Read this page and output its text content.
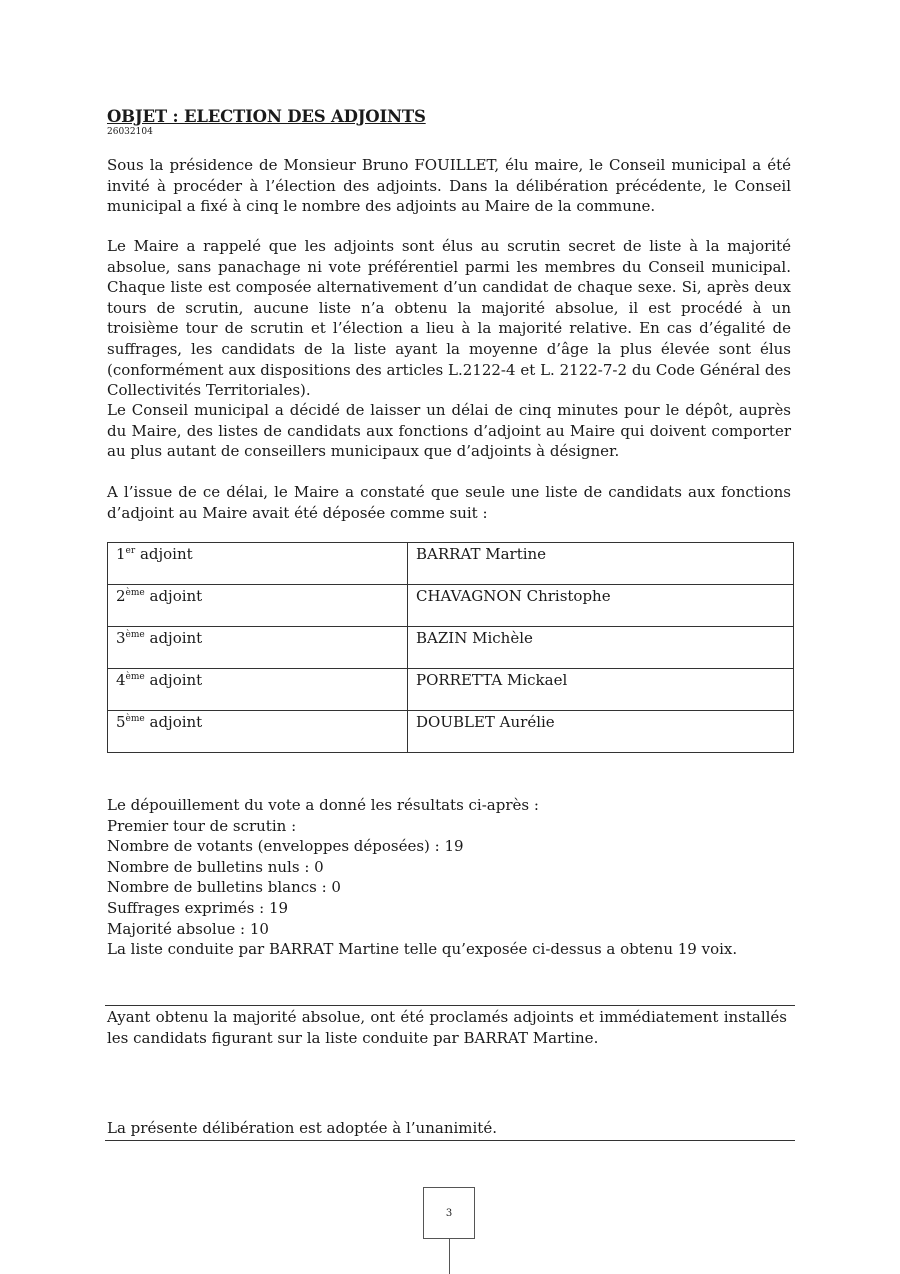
OBJET : ELECTION DES ADJOINTS
26032104

Sous la présidence de Monsieur Bruno FOUILLET, élu maire, le Conseil municipal a été invité à procéder à l’élection des adjoints. Dans la délibération précédente, le Conseil municipal a fixé à cinq le nombre des adjoints au Maire de la commune.

Le Maire a rappelé que les adjoints sont élus au scrutin secret de liste à la majorité absolue, sans panachage ni vote préférentiel parmi les membres du Conseil municipal. Chaque liste est composée alternativement d’un candidat de chaque sexe. Si, après deux tours de scrutin, aucune liste n’a obtenu la majorité absolue, il est procédé à un troisième tour de scrutin et l’élection a lieu à la majorité relative. En cas d’égalité de suffrages, les candidats de la liste ayant la moyenne d’âge la plus élevée sont élus (conformément aux dispositions des articles L.2122-4 et L. 2122-7-2 du Code Général des Collectivités Territoriales).

Le Conseil municipal a décidé de laisser un délai de cinq minutes pour le dépôt, auprès du Maire, des listes de candidats aux fonctions d’adjoint au Maire qui doivent comporter au plus autant de conseillers municipaux que d’adjoints à désigner.

A l’issue de ce délai, le Maire a constaté que seule une liste de candidats aux fonctions d’adjoint au Maire avait été déposée comme suit :

1er adjoint	BARRAT Martine
2ème adjoint	CHAVAGNON Christophe
3ème adjoint	BAZIN Michèle
4ème adjoint	PORRETTA Mickael
5ème adjoint	DOUBLET Aurélie
Le dépouillement du vote a donné les résultats ci-après :
Premier tour de scrutin :
Nombre de votants (enveloppes déposées) : 19
Nombre de bulletins nuls : 0
Nombre de bulletins blancs : 0
Suffrages exprimés : 19
Majorité absolue : 10
La liste conduite par BARRAT Martine telle qu’exposée ci-dessus a obtenu 19 voix.

Ayant obtenu la majorité absolue, ont été proclamés adjoints et immédiatement installés les candidats figurant sur la liste conduite par BARRAT Martine.

La présente délibération est adoptée à l’unanimité.

3
